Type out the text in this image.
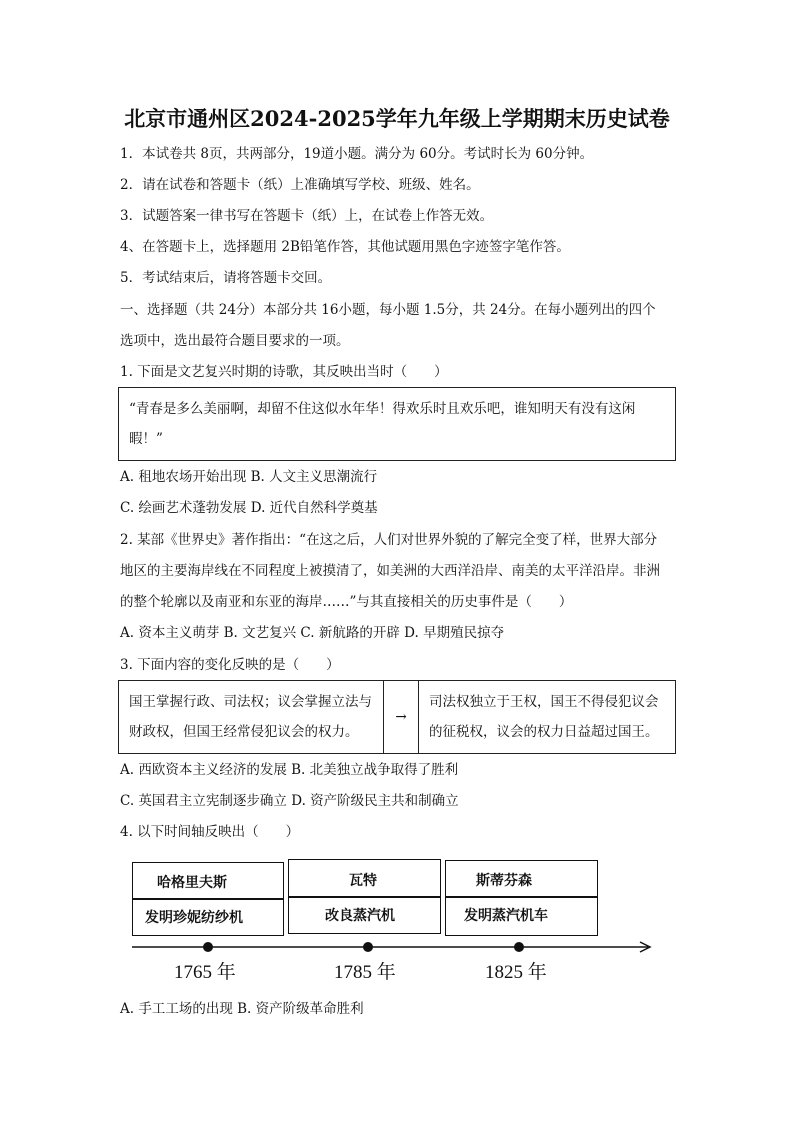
北京市通州区2024-2025学年九年级上学期期末历史试卷
1．本试卷共 8页，共两部分，19道小题。满分为 60分。考试时长为 60分钟。
2．请在试卷和答题卡（纸）上准确填写学校、班级、姓名。
3．试题答案一律书写在答题卡（纸）上，在试卷上作答无效。
4、在答题卡上，选择题用 2B铅笔作答，其他试题用黑色字迹签字笔作答。
5．考试结束后，请将答题卡交回。
一、选择题（共 24分）本部分共 16小题，每小题 1.5分，共 24分。在每小题列出的四个
选项中，选出最符合题目要求的一项。
1. 下面是文艺复兴时期的诗歌，其反映出当时（　　）
“青春是多么美丽啊，却留不住这似水年华！得欢乐时且欢乐吧，谁知明天有没有这闲
暇！”
A. 租地农场开始出现 B. 人文主义思潮流行
C. 绘画艺术蓬勃发展 D. 近代自然科学奠基
2. 某部《世界史》著作指出：“在这之后，人们对世界外貌的了解完全变了样，世界大部分
地区的主要海岸线在不同程度上被摸清了，如美洲的大西洋沿岸、南美的太平洋沿岸。非洲
的整个轮廓以及南亚和东亚的海岸……”与其直接相关的历史事件是（　　）
A. 资本主义萌芽 B. 文艺复兴 C. 新航路的开辟 D. 早期殖民掠夺
3. 下面内容的变化反映的是（　　）
国王掌握行政、司法权；议会掌握立法与
财政权，但国王经常侵犯议会的权力。
→
司法权独立于王权，国王不得侵犯议会
的征税权，议会的权力日益超过国王。
A. 西欧资本主义经济的发展 B. 北美独立战争取得了胜利
C. 英国君主立宪制逐步确立 D. 资产阶级民主共和制确立
4. 以下时间轴反映出（　　）
哈格里夫斯
发明珍妮纺纱机
瓦特
改良蒸汽机
斯蒂芬森
发明蒸汽机车
1765 年	1785 年	1825 年
A. 手工工场的出现 B. 资产阶级革命胜利
